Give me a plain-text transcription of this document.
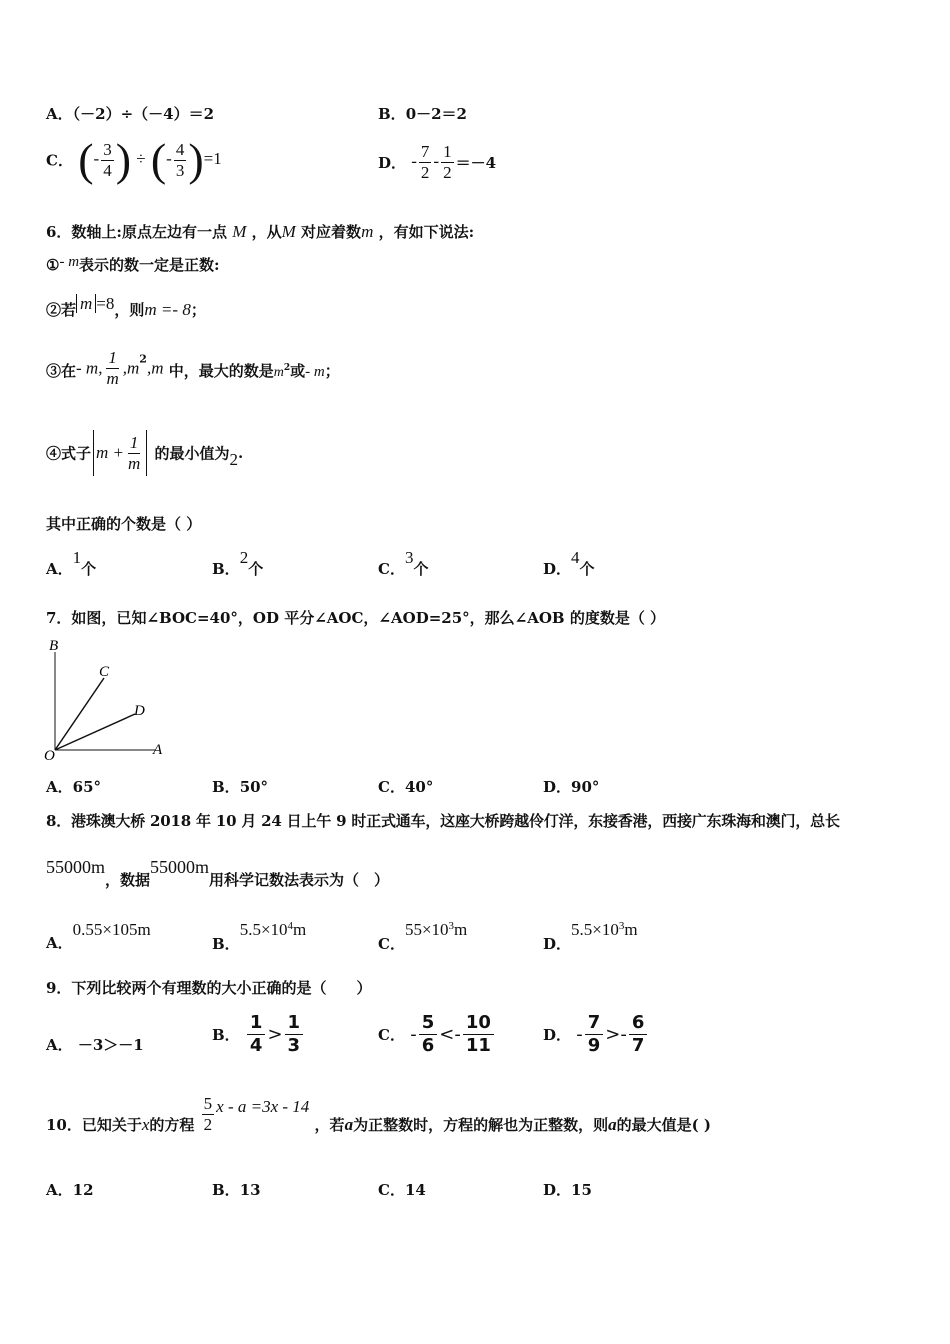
A．（－2）÷（－4）＝2	B．0－2＝2
C． (- $\frac{3}{4}$ ) ÷ (- $\frac{4}{3} )=1$	D． - $\frac{7}{2} - \frac{1}{2} =-4$
6．数轴上:原点左边有一点 M ，从M 对应着数m ，有如下说法:
①- m表示的数一定是正数:
②若 m =8，则m =- 8；
③在- m, $\frac{1}{m} ,m^2,m$ 中，最大的数是$m_2$或- m；
④式子 $m + \frac{1}{m}$ 的最小值为2.
其中正确的个数是（ ）
A．1个	B．2个	C．3个	D．4个
7．如图，已知∠BOC=40°，OD 平分∠AOC，∠AOD=25°，那么∠AOB 的度数是（ ）
B
C
D
O	A
A．65°	B．50°	C．40°	D．90°
8．港珠澳大桥 2018 年 10 月 24 日上午 9 时正式通车，这座大桥跨越伶仃洋，东接香港，西接广东珠海和澳门，总长
55000m，数据55000m用科学记数法表示为（　）
A．0.55×105m
B．$5.5\times 10^4m$
C．$55\times 10^3m$
D．$5.5\times 10^3m$
9．下列比较两个有理数的大小正确的是（　　）
A． －3＞－1
B． $\frac{1}{4} > \frac{1}{3}$	C． - $\frac{5}{6} <- \frac{10}{11}$	D． - $\frac{7}{9} >- \frac{6}{7}$
10．已知关于x的方程 $\frac{5}{2}$ x - a =3x - 14 ，若a为正整数时，方程的解也为正整数，则a的最大值是( )
A．12	B．13	C．14	D．15
